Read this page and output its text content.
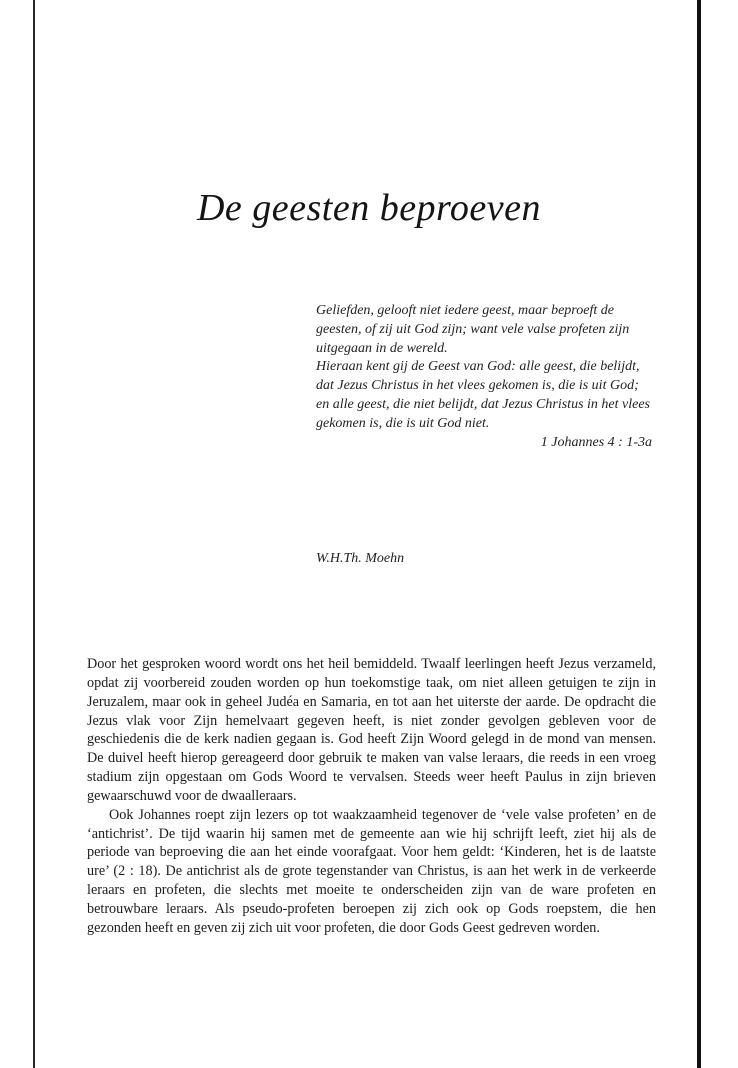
De geesten beproeven

Geliefden, gelooft niet iedere geest, maar beproeft de geesten, of zij uit God zijn; want vele valse profeten zijn uitgegaan in de wereld.

Hieraan kent gij de Geest van God: alle geest, die belijdt, dat Jezus Christus in het vlees gekomen is, die is uit God;

en alle geest, die niet belijdt, dat Jezus Christus in het vlees gekomen is, die is uit God niet.

1 Johannes 4 : 1-3a

W.H.Th. Moehn

Door het gesproken woord wordt ons het heil bemiddeld. Twaalf leerlingen heeft Jezus verzameld, opdat zij voorbereid zouden worden op hun toekomstige taak, om niet alleen getuigen te zijn in Jeruzalem, maar ook in geheel Judéa en Samaria, en tot aan het uiterste der aarde. De opdracht die Jezus vlak voor Zijn hemelvaart gegeven heeft, is niet zonder gevolgen gebleven voor de geschiedenis die de kerk nadien gegaan is. God heeft Zijn Woord gelegd in de mond van mensen. De duivel heeft hierop gereageerd door gebruik te maken van valse leraars, die reeds in een vroeg stadium zijn opgestaan om Gods Woord te vervalsen. Steeds weer heeft Paulus in zijn brieven gewaarschuwd voor de dwaalleraars.

Ook Johannes roept zijn lezers op tot waakzaamheid tegenover de ‘vele valse profeten’ en de ‘antichrist’. De tijd waarin hij samen met de gemeente aan wie hij schrijft leeft, ziet hij als de periode van beproeving die aan het einde voorafgaat. Voor hem geldt: ‘Kinderen, het is de laatste ure’ (2 : 18). De antichrist als de grote tegenstander van Christus, is aan het werk in de verkeerde leraars en profeten, die slechts met moeite te onderscheiden zijn van de ware profeten en betrouwbare leraars. Als pseudo-profeten beroepen zij zich ook op Gods roepstem, die hen gezonden heeft en geven zij zich uit voor profeten, die door Gods Geest gedreven worden.
